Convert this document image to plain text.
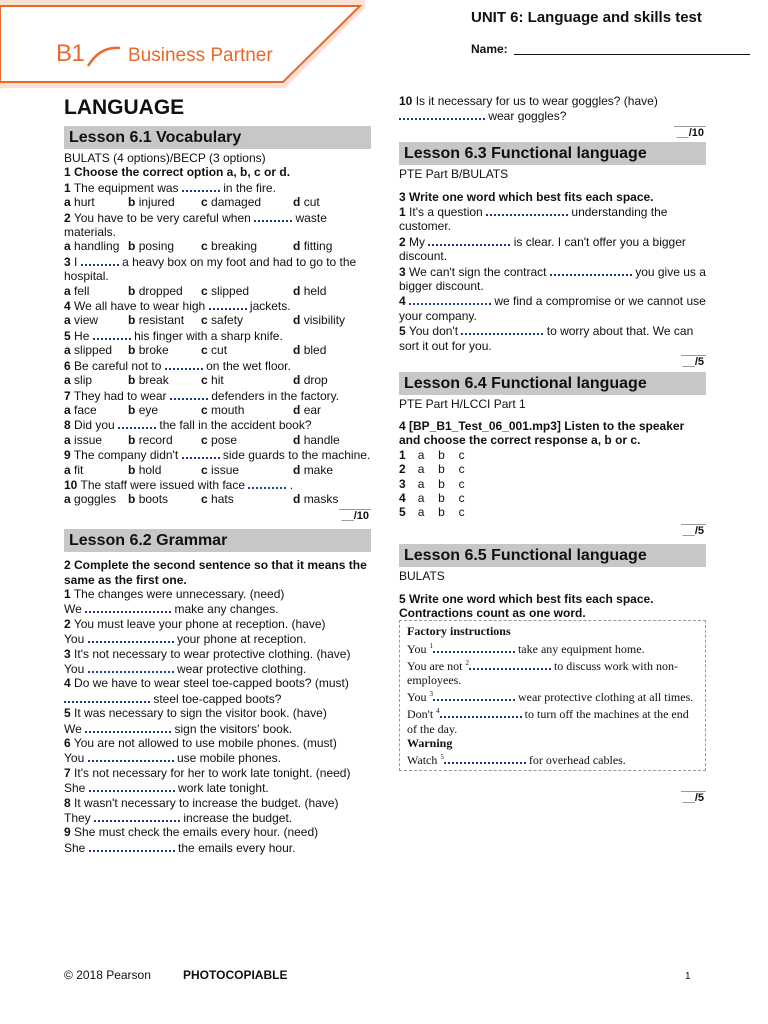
B1 Business Partner
UNIT 6: Language and skills test
Name:
LANGUAGE
Lesson 6.1 Vocabulary

BULATS (4 options)/BECP (3 options)

1 Choose the correct option a, b, c or d.

1 The equipment was	in the fire.

a hurt	b injured	c damaged	d cut

2 You have to be very careful when	waste materials.

a handling b posing	c breaking	d fitting

3 I	a heavy box on my foot and had to go to the hospital.

a fell	b dropped	c slipped	d held

4 We all have to wear high	jackets.

a view	b resistant	c safety	d visibility

5 He	his finger with a sharp knife.

a slipped	b broke	c cut	d bled

6 Be careful not to	on the wet floor.

a slip	b break	c hit	d drop

7 They had to wear	defenders in the factory.

a face	b eye	c mouth	d ear

8 Did you	the fall in the accident book?

a issue	b record	c pose	d handle

9 The company didn't	side guards to the machine.

a fit	b hold	c issue	d make

10 The staff were issued with face	.

a goggles b boots	c hats	d masks
__/10
Lesson 6.2 Grammar

2 Complete the second sentence so that it means the same as the first one.

1 The changes were unnecessary. (need)
We	make any changes.

2 You must leave your phone at reception. (have)
You	your phone at reception.

3 It's not necessary to wear protective clothing. (have)
You	wear protective clothing.

4 Do we have to wear steel toe-capped boots? (must)
steel toe-capped boots?

5 It was necessary to sign the visitor book. (have)
We	sign the visitors' book.

6 You are not allowed to use mobile phones. (must)
You	use mobile phones.

7 It's not necessary for her to work late tonight. (need)
She	work late tonight.

8 It wasn't necessary to increase the budget. (have)
They	increase the budget.

9 She must check the emails every hour. (need)
She	the emails every hour.

10 Is it necessary for us to wear goggles? (have)
wear goggles?

__/10
Lesson 6.3 Functional language

PTE Part B/BULATS

3 Write one word which best fits each space.

1 It's a question	understanding the customer.

2 My	is clear. I can't offer you a bigger discount.

3 We can't sign the contract	you give us a bigger discount.

4	we find a compromise or we cannot use your company.

5 You don't	to worry about that. We can sort it out for you.

__/5
Lesson 6.4 Functional language

PTE Part H/LCCI Part 1

4 [BP_B1_Test_06_001.mp3] Listen to the speaker and choose the correct response a, b or c.

1	a	b	c
2	a	b	c
3	a	b	c
4	a	b	c
5	a	b	c
__/5
Lesson 6.5 Functional language

BULATS

5 Write one word which best fits each space. Contractions count as one word.

Factory instructions
You $^1$	take any equipment home.
You are not $^2$	to discuss work with non-employees.
You $^3$	wear protective clothing at all times.
Don't $^4$	to turn off the machines at the end of the day.
Warning
Watch $^5$	for overhead cables.
__/5
© 2018 Pearson	PHOTOCOPIABLE	1
